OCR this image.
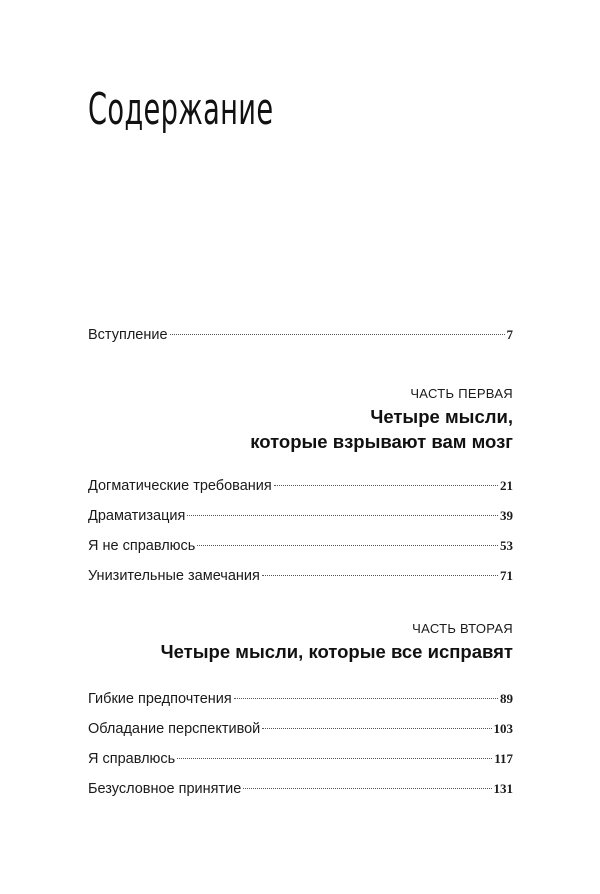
Содержание
Вступление	7
ЧАСТЬ ПЕРВАЯ
Четыре мысли,
которые взрывают вам мозг
Догматические требования	21
Драматизация	39
Я не справлюсь	53
Унизительные замечания	71
ЧАСТЬ ВТОРАЯ
Четыре мысли, которые все исправят
Гибкие предпочтения	89
Обладание перспективой	103
Я справлюсь	117
Безусловное принятие	131
